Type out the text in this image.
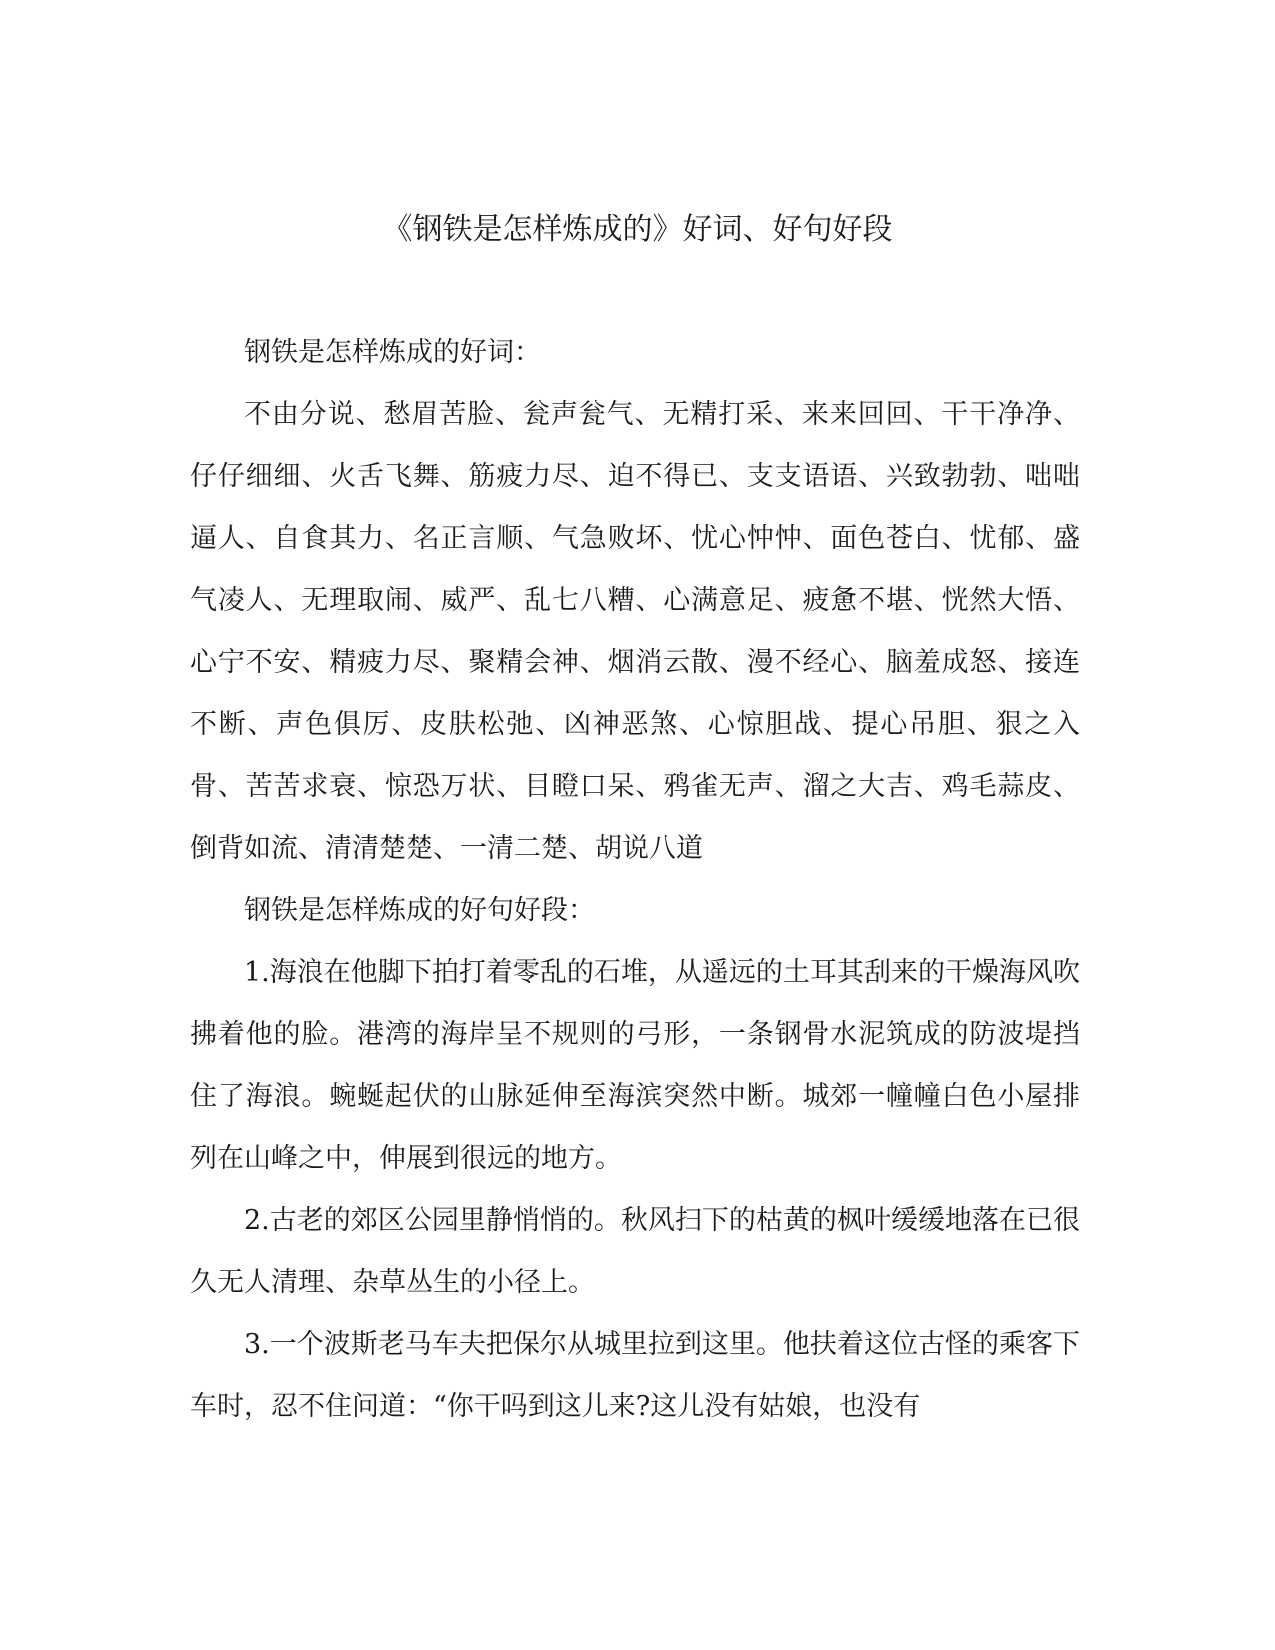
《钢铁是怎样炼成的》好词、好句好段

钢铁是怎样炼成的好词：

不由分说、愁眉苦脸、瓮声瓮气、无精打采、来来回回、干干净净、仔仔细细、火舌飞舞、筋疲力尽、迫不得已、支支语语、兴致勃勃、咄咄逼人、自食其力、名正言顺、气急败坏、忧心忡忡、面色苍白、忧郁、盛气凌人、无理取闹、威严、乱七八糟、心满意足、疲惫不堪、恍然大悟、心宁不安、精疲力尽、聚精会神、烟消云散、漫不经心、脑羞成怒、接连不断、声色俱厉、皮肤松弛、凶神恶煞、心惊胆战、提心吊胆、狠之入骨、苦苦求衰、惊恐万状、目瞪口呆、鸦雀无声、溜之大吉、鸡毛蒜皮、倒背如流、清清楚楚、一清二楚、胡说八道

钢铁是怎样炼成的好句好段：

1.海浪在他脚下拍打着零乱的石堆，从遥远的土耳其刮来的干燥海风吹拂着他的脸。港湾的海岸呈不规则的弓形，一条钢骨水泥筑成的防波堤挡住了海浪。蜿蜒起伏的山脉延伸至海滨突然中断。城郊一幢幢白色小屋排列在山峰之中，伸展到很远的地方。

2.古老的郊区公园里静悄悄的。秋风扫下的枯黄的枫叶缓缓地落在已很久无人清理、杂草丛生的小径上。

3.一个波斯老马车夫把保尔从城里拉到这里。他扶着这位古怪的乘客下车时，忍不住问道：“你干吗到这儿来?这儿没有姑娘，也没有
